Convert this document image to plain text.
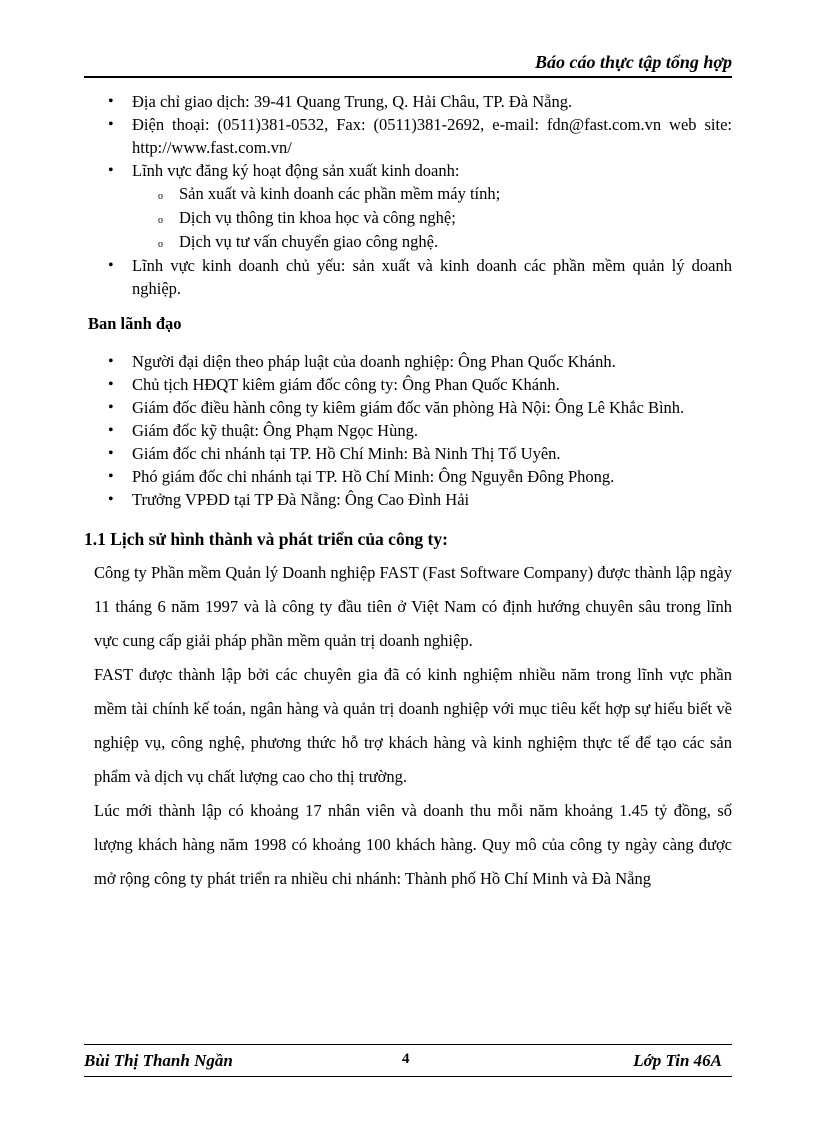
Báo cáo thực tập tổng hợp
• Địa chỉ giao dịch: 39-41 Quang Trung, Q. Hải Châu, TP. Đà Nẵng.
• Điện thoại: (0511)381-0532, Fax: (0511)381-2692, e-mail: fdn@fast.com.vn web site: http://www.fast.com.vn/
• Lĩnh vực đăng ký hoạt động sản xuất kinh doanh:
o Sản xuất và kinh doanh các phần mềm máy tính;
o Dịch vụ thông tin khoa học và công nghệ;
o Dịch vụ tư vấn chuyển giao công nghệ.
• Lĩnh vực kinh doanh chủ yếu: sản xuất và kinh doanh các phần mềm quản lý doanh nghiệp.
Ban lãnh đạo
• Người đại diện theo pháp luật của doanh nghiệp: Ông Phan Quốc Khánh.
• Chủ tịch HĐQT kiêm giám đốc công ty: Ông Phan Quốc Khánh.
• Giám đốc điều hành công ty kiêm giám đốc văn phòng Hà Nội: Ông Lê Khắc Bình.
• Giám đốc kỹ thuật: Ông Phạm Ngọc Hùng.
• Giám đốc chi nhánh tại TP. Hồ Chí Minh: Bà Ninh Thị Tố Uyên.
• Phó giám đốc chi nhánh tại TP. Hồ Chí Minh: Ông Nguyễn Đông Phong.
• Trưởng VPĐD tại TP Đà Nẵng: Ông Cao Đình Hải
1.1 Lịch sử hình thành và phát triển của công ty:

Công ty Phần mềm Quản lý Doanh nghiệp FAST (Fast Software Company) được thành lập ngày 11 tháng 6 năm 1997 và là công ty đầu tiên ở Việt Nam có định hướng chuyên sâu trong lĩnh vực cung cấp giải pháp phần mềm quản trị doanh nghiệp.

FAST được thành lập bởi các chuyên gia đã có kinh nghiệm nhiều năm trong lĩnh vực phần mềm tài chính kế toán, ngân hàng và quản trị doanh nghiệp với mục tiêu kết hợp sự hiểu biết về nghiệp vụ, công nghệ, phương thức hỗ trợ khách hàng và kinh nghiệm thực tế để tạo các sản phẩm và dịch vụ chất lượng cao cho thị trường.

Lúc mới thành lập có khoảng 17 nhân viên và doanh thu mỗi năm khoảng 1.45 tỷ đồng, số lượng khách hàng năm 1998 có khoảng 100 khách hàng. Quy mô của công ty ngày càng được mở rộng công ty phát triển ra nhiều chi nhánh: Thành phố Hồ Chí Minh và Đà Nẵng

Bùi Thị Thanh Ngần	4	Lớp Tin 46A
